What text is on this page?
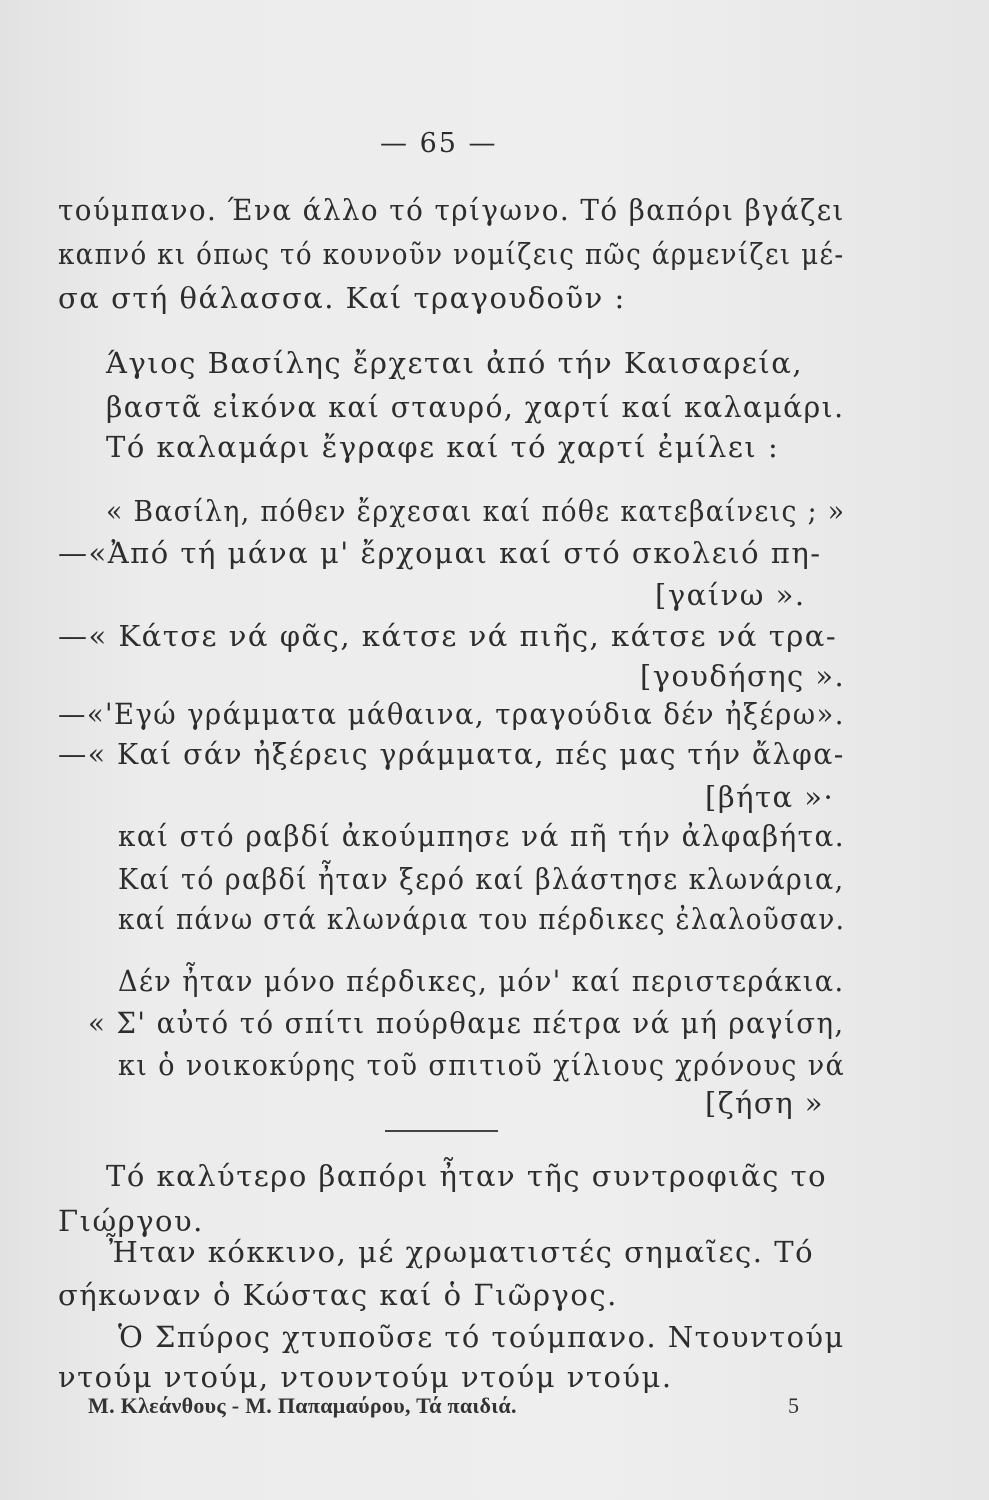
— 65 —
τούμπανο. Ένα άλλο τό τρίγωνο. Τό βαπόρι βγάζει
καπνό κι όπως τό κουνοῦν νομίζεις πῶς άρμενίζει μέ-
σα στή θάλασσα. Καί τραγουδοῦν :
Άγιος Βασίλης ἔρχεται ἀπό τήν Καισαρεία,
βαστᾶ εἰκόνα καί σταυρό, χαρτί καί καλαμάρι.
Τό καλαμάρι ἔγραφε καί τό χαρτί ἐμίλει :
« Βασίλη, πόθεν ἔρχεσαι καί πόθε κατεβαίνεις ; »
—«Ἀπό τή μάνα μ' ἔρχομαι καί στό σκολειό πη-
[γαίνω ».
—« Κάτσε νά φᾶς, κάτσε νά πιῆς, κάτσε νά τρα-
[γουδήσης ».
—«'Εγώ γράμματα μάθαινα, τραγούδια δέν ἠξέρω».
—« Καί σάν ἠξέρεις γράμματα, πές μας τήν ἄλφα-
[βήτα »·
καί στό ραβδί ἀκούμπησε νά πῆ τήν ἀλφαβήτα.
Καί τό ραβδί ἦταν ξερό καί βλάστησε κλωνάρια,
καί πάνω στά κλωνάρια του πέρδικες ἐλαλοῦσαν.
Δέν ἦταν μόνο πέρδικες, μόν' καί περιστεράκια.
« Σ' αὐτό τό σπίτι πούρθαμε πέτρα νά μή ραγίση,
κι ὁ νοικοκύρης τοῦ σπιτιοῦ χίλιους χρόνους νά
[ζήση »
Τό καλύτερο βαπόρι ἦταν τῆς συντροφιᾶς το
Γιώργου.
Ἦταν κόκκινο, μέ χρωματιστές σημαῖες. Τό
σήκωναν ὁ Κώστας καί ὁ Γιῶργος.
Ὁ Σπύρος χτυποῦσε τό τούμπανο. Ντουντούμ
ντούμ ντούμ, ντουντούμ ντούμ ντούμ.
Μ. Κλεάνθους - Μ. Παπαμαύρου, Τά παιδιά.	5
